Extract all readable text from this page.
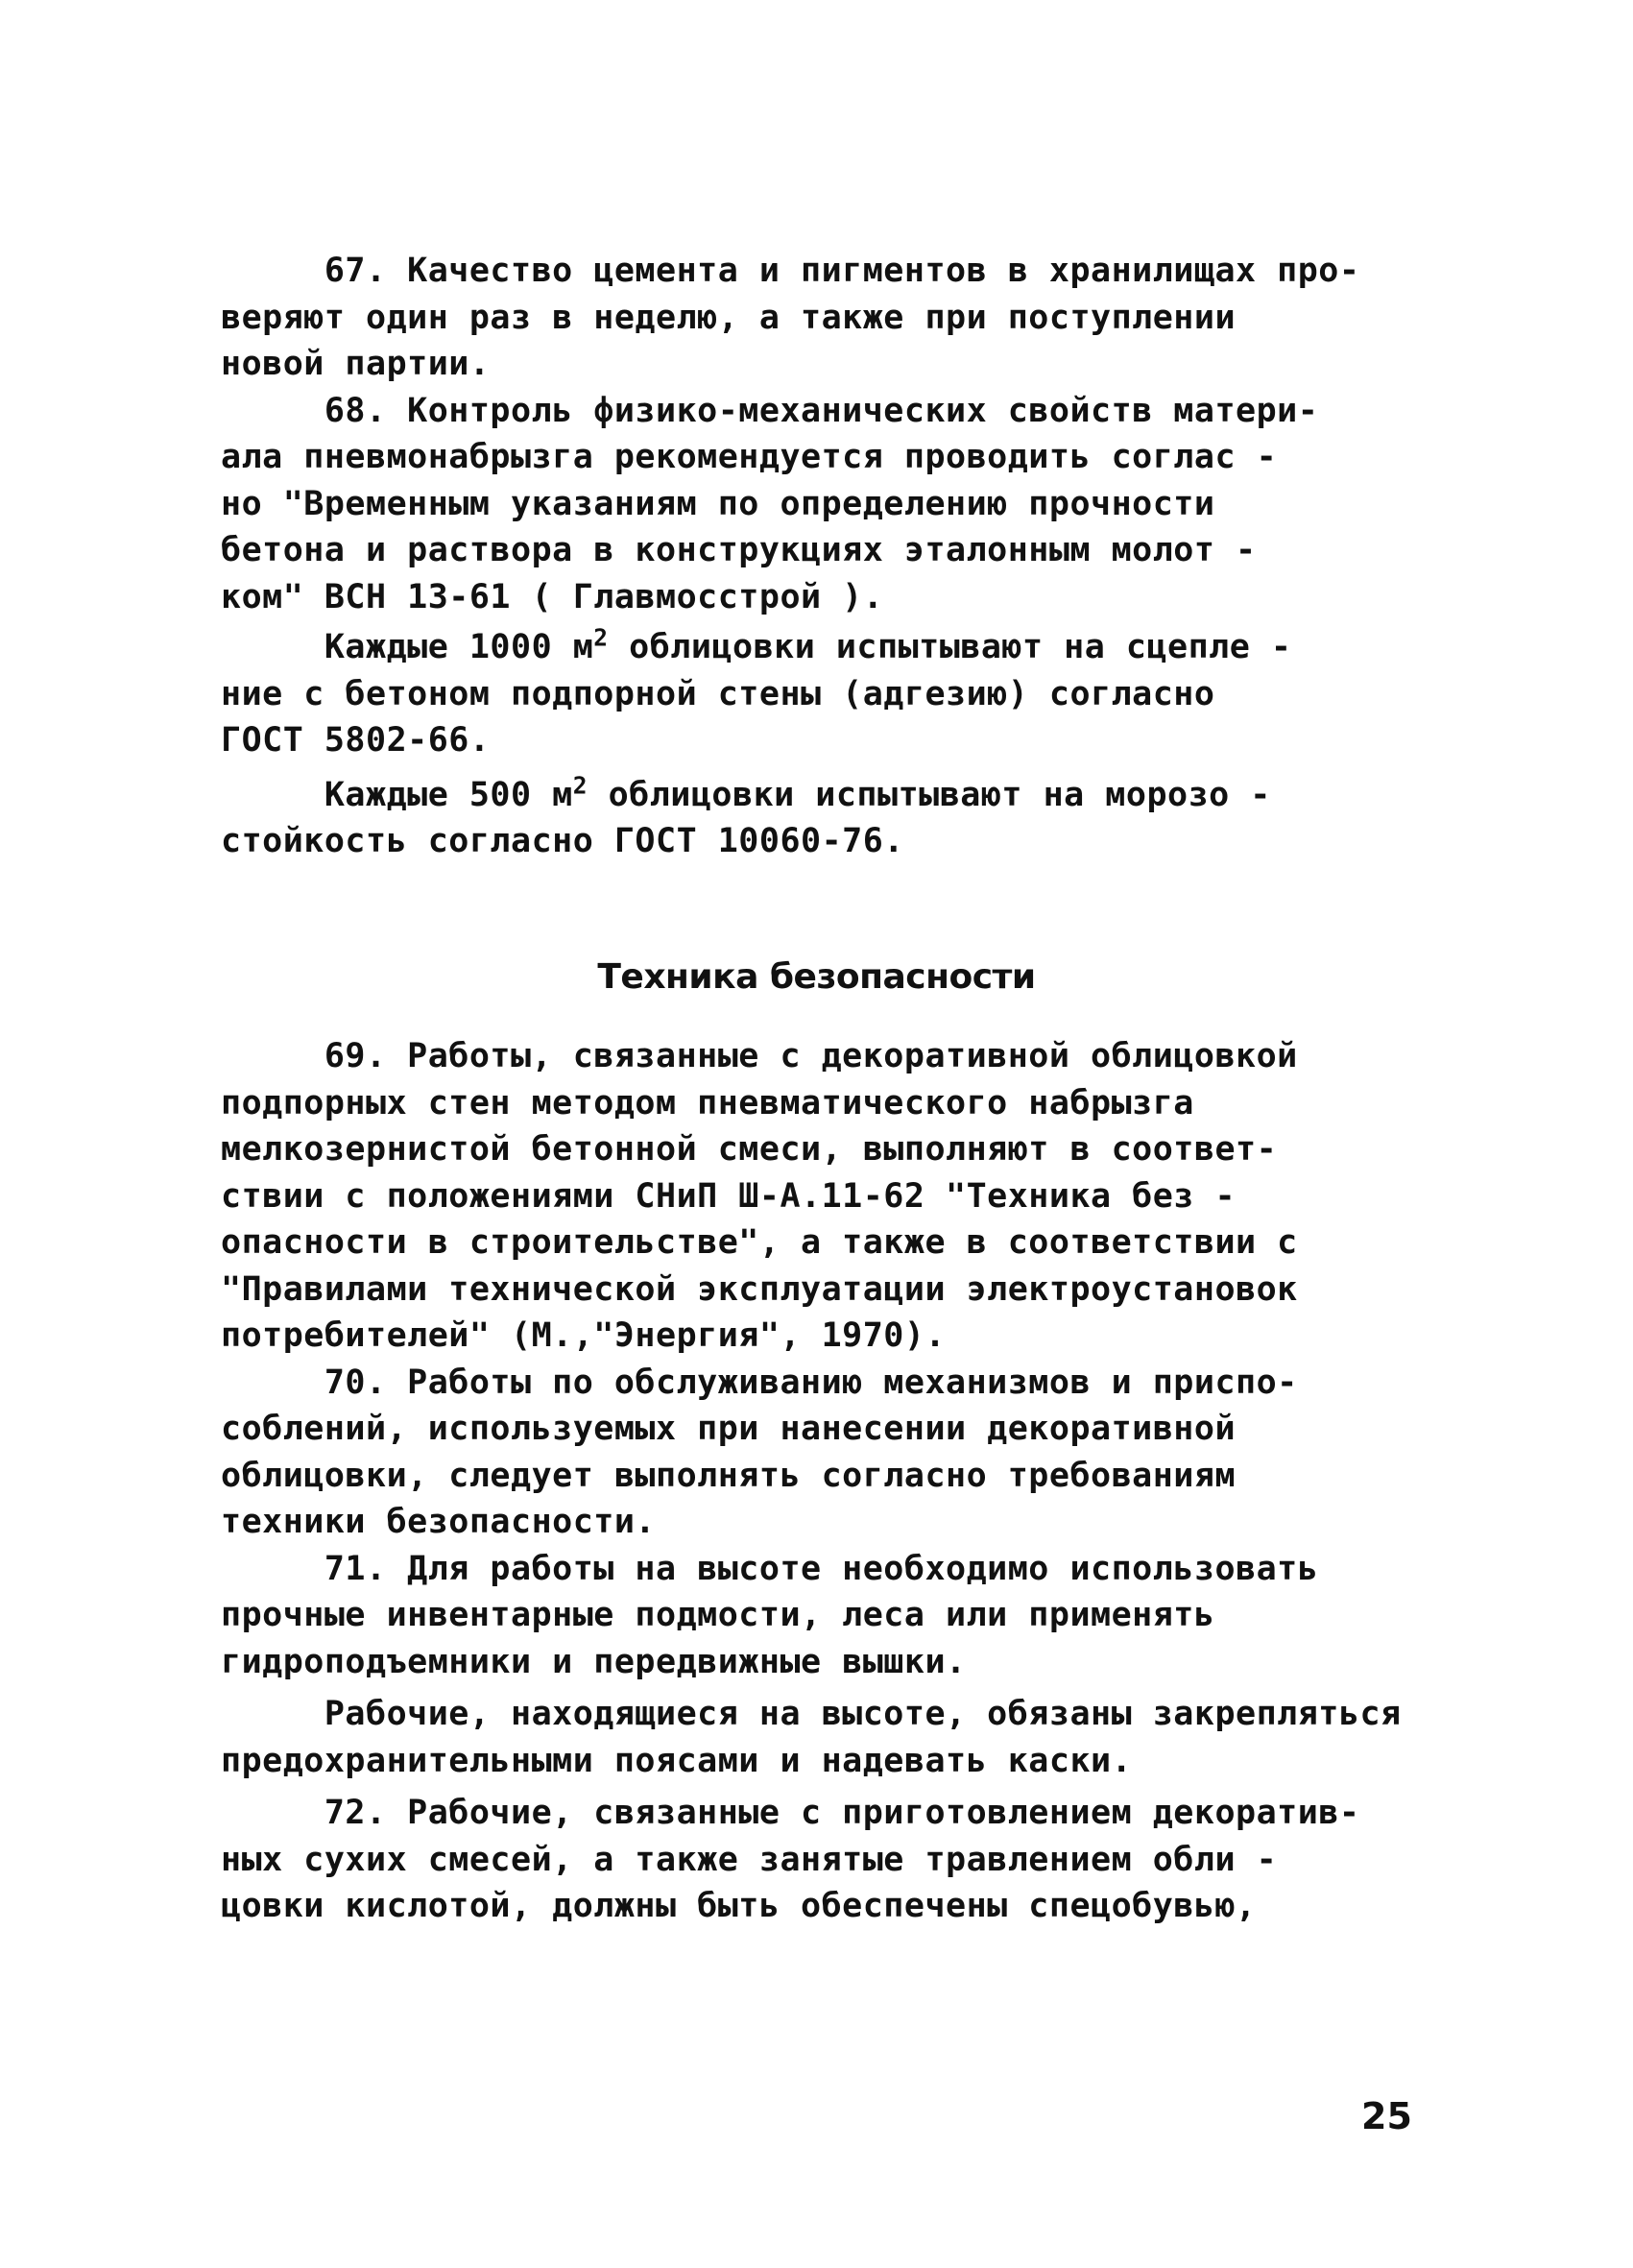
67. Качество цемента и пигментов в хранилищах про-
веряют один раз в неделю, а также при поступлении
новой партии.
68. Контроль физико-механических свойств матери-
ала пневмонабрызга рекомендуется проводить соглас -
но "Временным указаниям по определению прочности
бетона и раствора в конструкциях эталонным молот -
ком" ВСН 13-61 ( Главмосстрой ).
Каждые 1000 $м^2$ облицовки испытывают на сцепле -
ние с бетоном подпорной стены (адгезию) согласно
ГОСТ 5802-66.
Каждые 500 $м^2$ облицовки испытывают на морозо -
стойкость согласно ГОСТ 10060-76.
Техника безопасности
69. Работы, связанные с декоративной облицовкой
подпорных стен методом пневматического набрызга
мелкозернистой бетонной смеси, выполняют в соответ-
ствии с положениями СНиП Ш-А.11-62 "Техника без -
опасности в строительстве", а также в соответствии с
"Правилами технической эксплуатации электроустановок
потребителей" (М.,"Энергия", 1970).
70. Работы по обслуживанию механизмов и приспо-
соблений, используемых при нанесении декоративной
облицовки, следует выполнять согласно требованиям
техники безопасности.
71. Для работы на высоте необходимо использовать
прочные инвентарные подмости, леса или применять
гидроподъемники и передвижные вышки.
Рабочие, находящиеся на высоте, обязаны закрепляться
предохранительными поясами и надевать каски.
72. Рабочие, связанные с приготовлением декоратив-
ных сухих смесей, а также занятые травлением обли -
цовки кислотой, должны быть обеспечены спецобувью,
25
